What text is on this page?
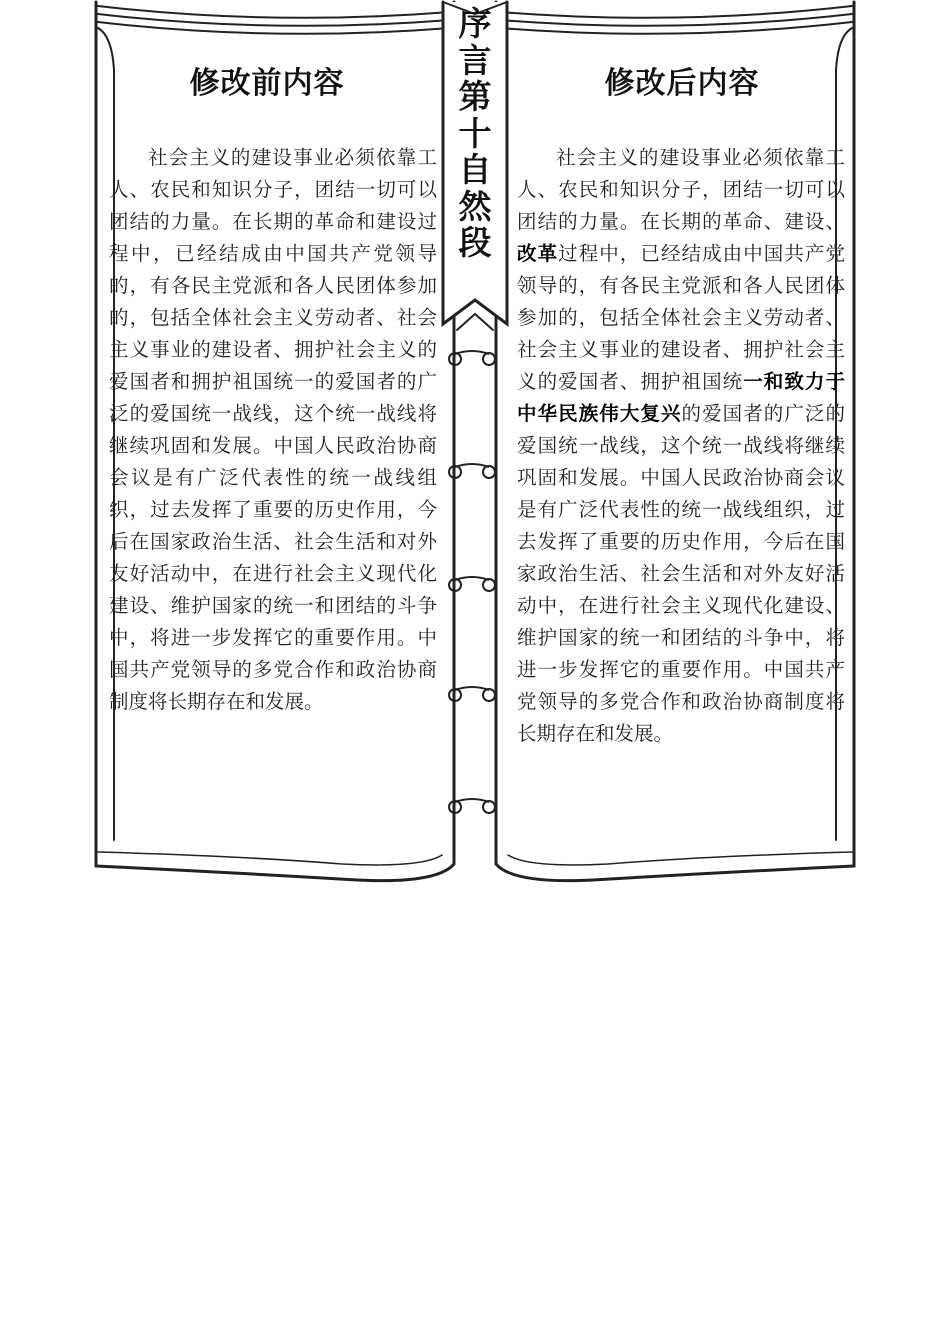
序言第十自然段
修改前内容

社会主义的建设事业必须依靠工人、农民和知识分子，团结一切可以团结的力量。在长期的革命和建设过程中，已经结成由中国共产党领导的，有各民主党派和各人民团体参加的，包括全体社会主义劳动者、社会主义事业的建设者、拥护社会主义的爱国者和拥护祖国统一的爱国者的广泛的爱国统一战线，这个统一战线将继续巩固和发展。中国人民政治协商会议是有广泛代表性的统一战线组织，过去发挥了重要的历史作用，今后在国家政治生活、社会生活和对外友好活动中，在进行社会主义现代化建设、维护国家的统一和团结的斗争中，将进一步发挥它的重要作用。中国共产党领导的多党合作和政治协商制度将长期存在和发展。

修改后内容

社会主义的建设事业必须依靠工人、农民和知识分子，团结一切可以团结的力量。在长期的革命、建设、改革过程中，已经结成由中国共产党领导的，有各民主党派和各人民团体参加的，包括全体社会主义劳动者、社会主义事业的建设者、拥护社会主义的爱国者、拥护祖国统一和致力于中华民族伟大复兴的爱国者的广泛的爱国统一战线，这个统一战线将继续巩固和发展。中国人民政治协商会议是有广泛代表性的统一战线组织，过去发挥了重要的历史作用，今后在国家政治生活、社会生活和对外友好活动中，在进行社会主义现代化建设、维护国家的统一和团结的斗争中，将进一步发挥它的重要作用。中国共产党领导的多党合作和政治协商制度将长期存在和发展。
